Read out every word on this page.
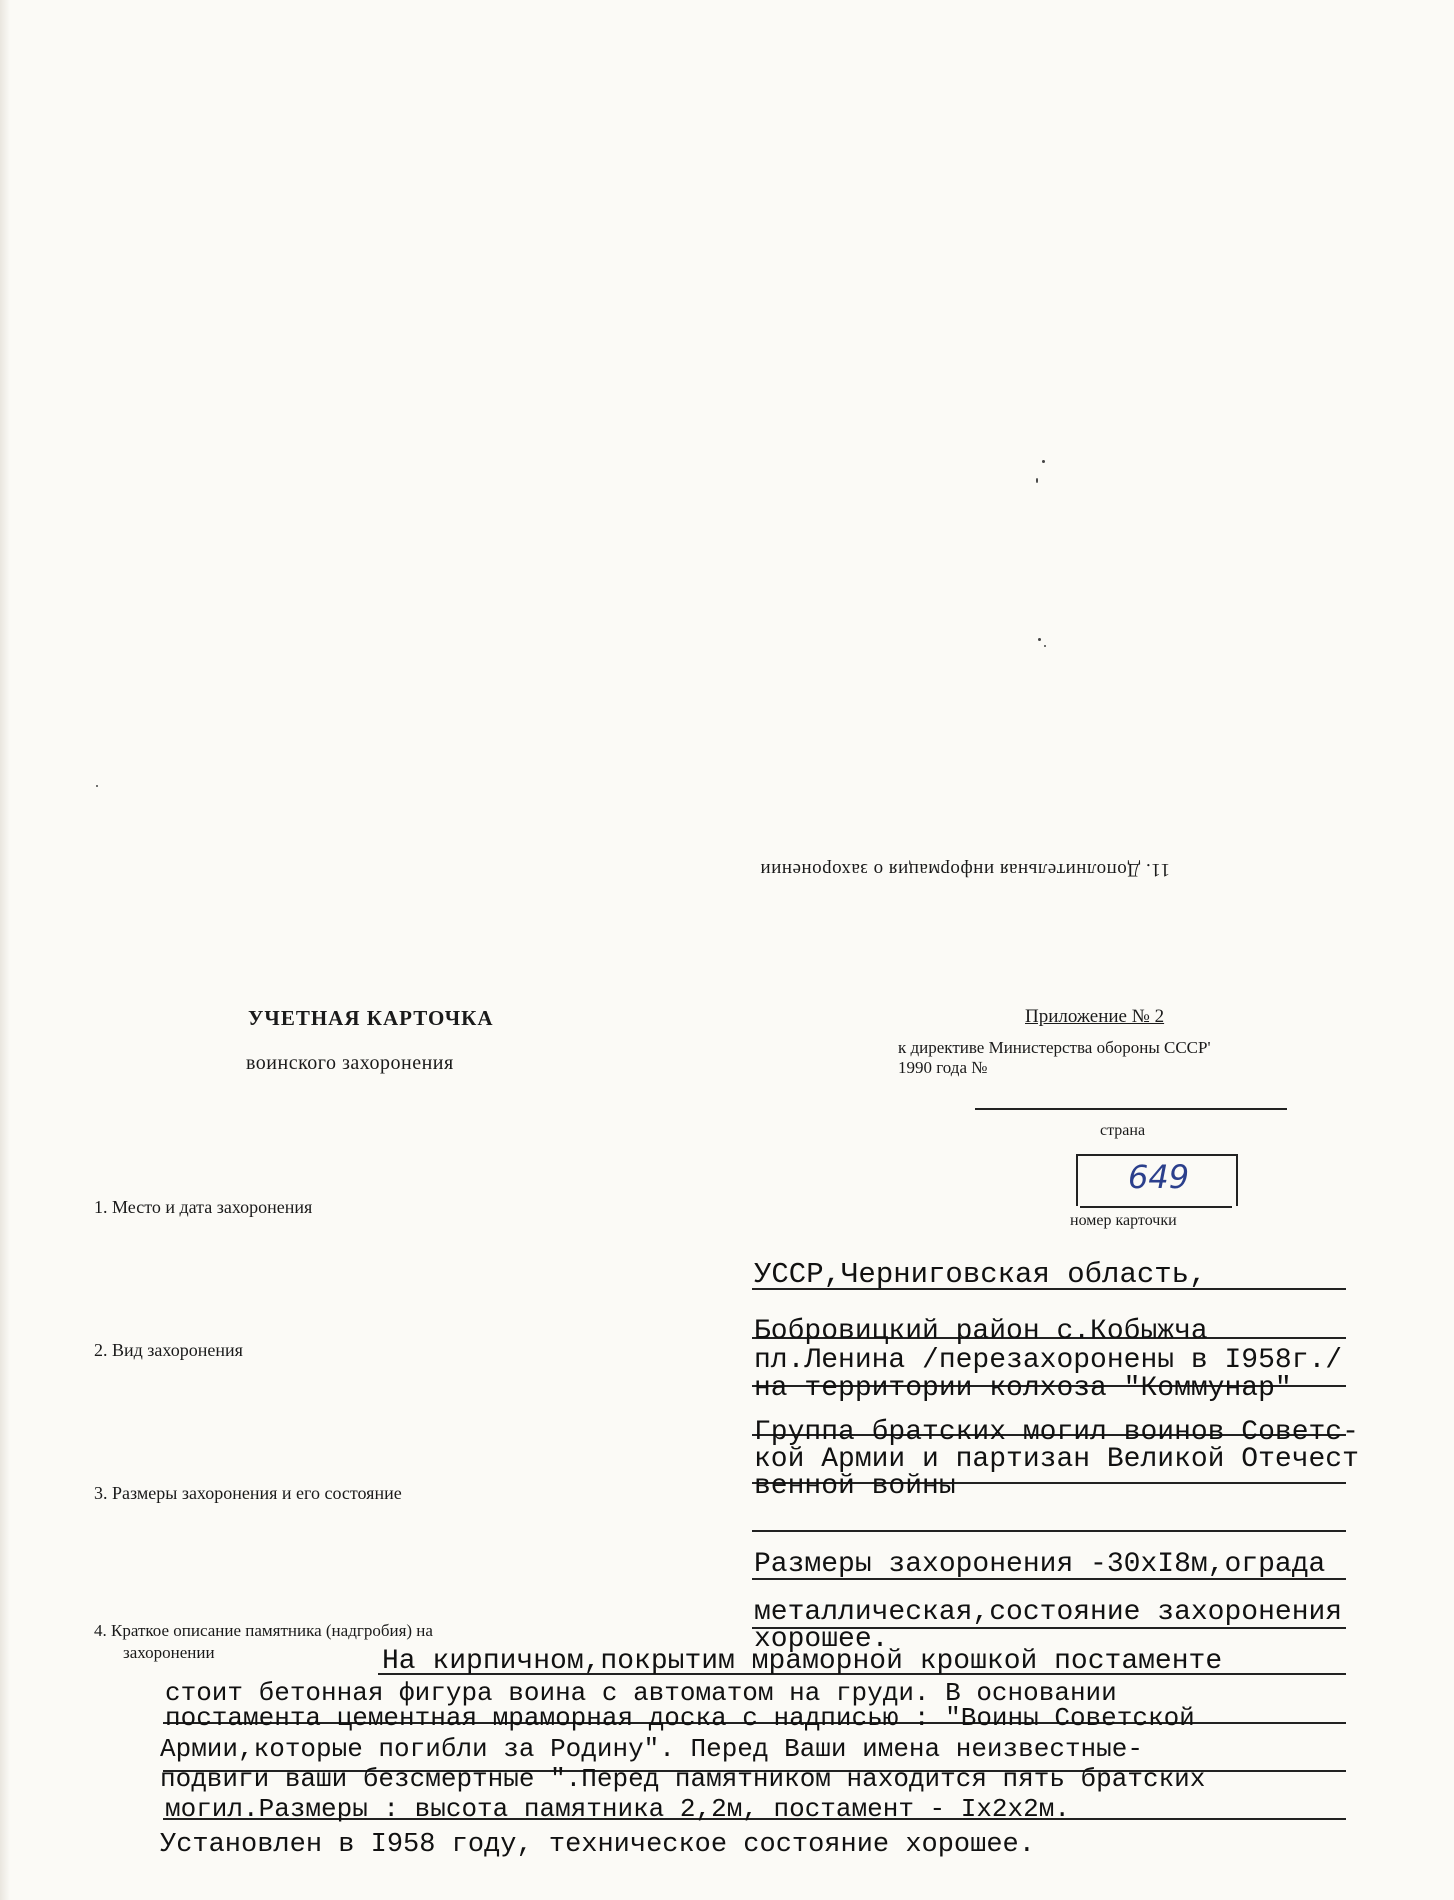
11. Дополнительная информация о захоронении
УЧЕТНАЯ КАРТОЧКА
воинского захоронения
Приложение № 2
к директиве Министерства обороны СССР'
1990 года №
страна
649
номер карточки
1. Место и дата захоронения
2. Вид захоронения
3. Размеры захоронения и его состояние
4. Краткое описание памятника (надгробия) на
захоронении
УССР,Черниговская область,
Бобровицкий район с.Кобыжча
пл.Ленина /перезахоронены в I958г./
на территории колхоза "Коммунар"
Группа братских могил воинов Советс-
кой Армии и партизан Великой Отечест
венной войны
Размеры захоронения -30хI8м,ограда
металлическая,состояние захоронения
хорошее.
На кирпичном,покрытим мраморной крошкой постаменте
стоит бетонная фигура воина с автоматом на груди. В основании
постамента цементная мраморная доска с надписью : "Воины Советской
Армии,которые погибли за Родину". Перед Ваши имена неизвестные-
подвиги ваши безсмертные ".Перед памятником находится пять братских
могил.Размеры : высота памятника 2,2м, постамент - Iх2х2м.
Установлен в I958 году, техническое состояние хорошее.
